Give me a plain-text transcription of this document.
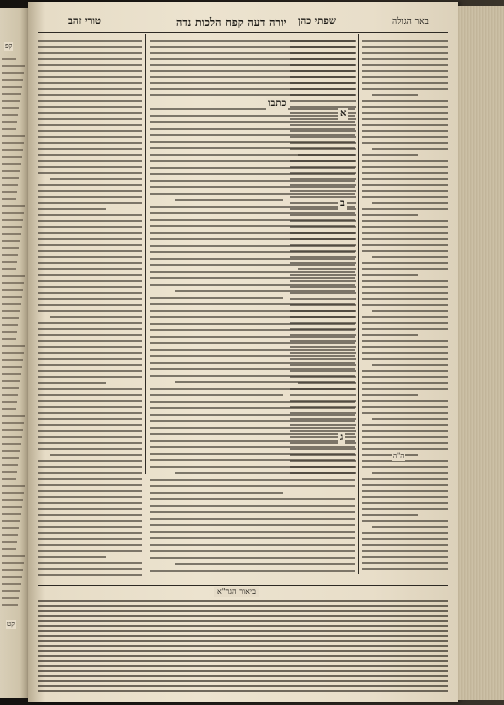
קפ
קט
טורי זהב	יורה דעה קפח הלכות נדה שפתי כהן	באר הגולה
ביאור הגר"א
א
ב
ג
כתבו
ה"ה
